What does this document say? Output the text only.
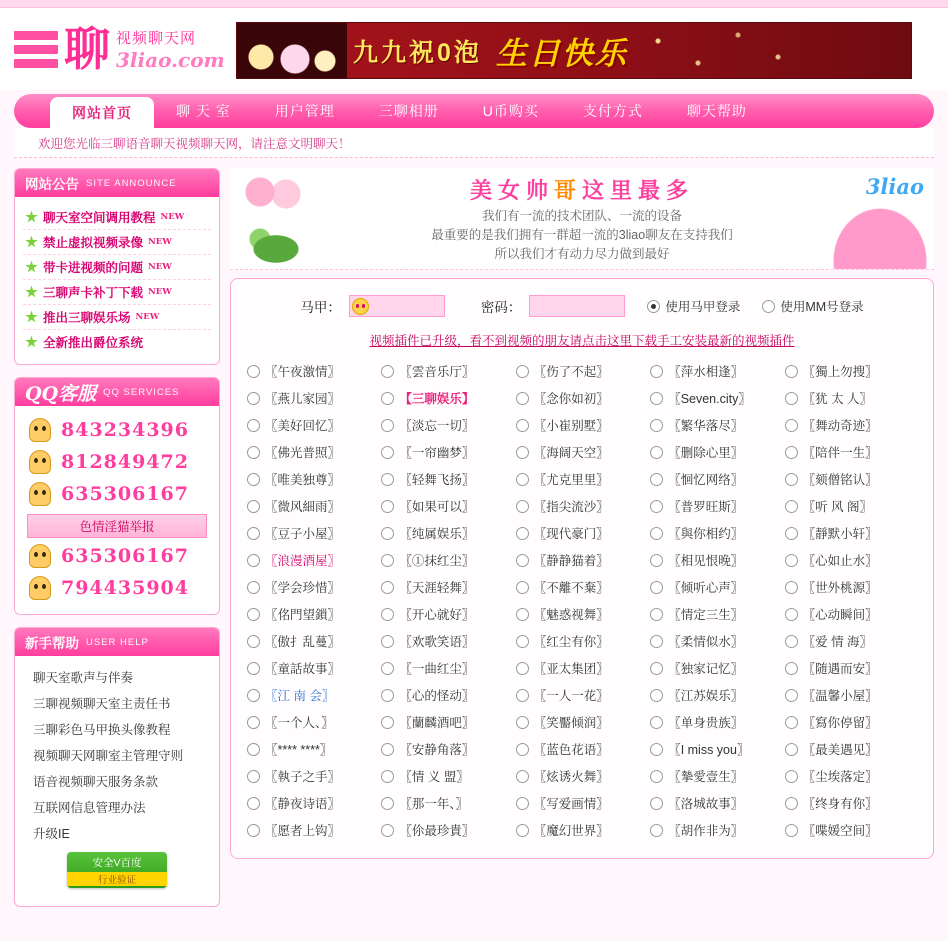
聊 视频聊天网
3liao.com	九九祝0泡 生日快乐
网站首页	聊 天 室	用户管理	三聊相册	U币购买	支付方式	聊天帮助
欢迎您光临三聊语音聊天视频聊天网，请注意文明聊天！
网站公告 SITE ANNOUNCE
聊天室空间调用教程 NEW
禁止虚拟视频录像 NEW
带卡进视频的问题 NEW
三聊声卡补丁下载 NEW
推出三聊娱乐场 NEW
全新推出爵位系统
QQ客服 QQ SERVICES
843234396
812849472
635306167
色情淫猫举报
635306167
794435904
新手帮助 USER HELP
聊天室歌声与伴奏
三聊视频聊天室主责任书
三聊彩色马甲换头像教程
视频聊天网聊室主管理守则
语音视频聊天服务条款
互联网信息管理办法
升级IE
安全V百度
行业验证
3liao
美女帅哥这里最多
我们有一流的技术团队、一流的设备
最重要的是我们拥有一群超一流的3liao聊友在支持我们
所以我们才有动力尽力做到最好
马甲：	密码：	使用马甲登录	使用MM号登录
视频插件已升级，看不到视频的朋友请点击这里下载手工安装最新的视频插件
〖午夜激情〗	〖雲音乐厅〗	〖伤了不起〗	〖萍水相逢〗	〖獨上勿搜〗
〖燕儿家园〗	【三聊娱乐】	〖念你如初〗	〖Seven.city〗	〖犹 太 人〗
〖美好回忆〗	〖淡忘一切〗	〖小崔别墅〗	〖繁华落尽〗	〖舞动奇迹〗
〖佛光普照〗	〖一帘幽梦〗	〖海阔天空〗	〖删除心里〗	〖陪伴一生〗
〖唯美独尊〗	〖轻舞飞扬〗	〖尤克里里〗	〖恛忆网络〗	〖颏僧铭认〗
〖微风細雨〗	〖如果可以〗	〖指尖流沙〗	〖普罗旺斯〗	〖听 风 阁〗
〖豆子小屋〗	〖纯属娱乐〗	〖现代豪门〗	〖與你相约〗	〖靜默小轩〗
〖浪漫酒屋〗	〖①抹红尘〗	〖静静猫着〗	〖相见恨晚〗	〖心如止水〗
〖学会珍惜〗	〖天涯轻舞〗	〖不離不棄〗	〖倾听心声〗	〖世外桃源〗
〖佲門望鎻〗	〖开心就好〗	〖魅惑视舞〗	〖情定三生〗	〖心动瞬间〗
〖傲扌乱蔓〗	〖欢歌笑语〗	〖红尘有你〗	〖柔情似水〗	〖爱 情 海〗
〖童話故事〗	〖一曲红尘〗	〖亚太集团〗	〖独家记忆〗	〖随遇而安〗
〖江 南 会〗	〖心的怪动〗	〖一人一花〗	〖江苏娱乐〗	〖温馨小屋〗
〖一个人、〗	〖蘭麟酒吧〗	〖笑靨倾润〗	〖单身贵族〗	〖寫你停留〗
〖**** ****〗	〖安静角落〗	〖蓝色花语〗	〖I miss you〗	〖最美遇见〗
〖執子之手〗	〖情 义 盟〗	〖炫诱火舞〗	〖摯愛壹生〗	〖尘埃落定〗
〖静夜诗语〗	〖那一年、〗	〖写爱画情〗	〖洛城故事〗	〖终身有你〗
〖愿者上钩〗	〖伱最珍貴〗	〖魔幻世界〗	〖胡作非为〗	〖喋媛空间〗
